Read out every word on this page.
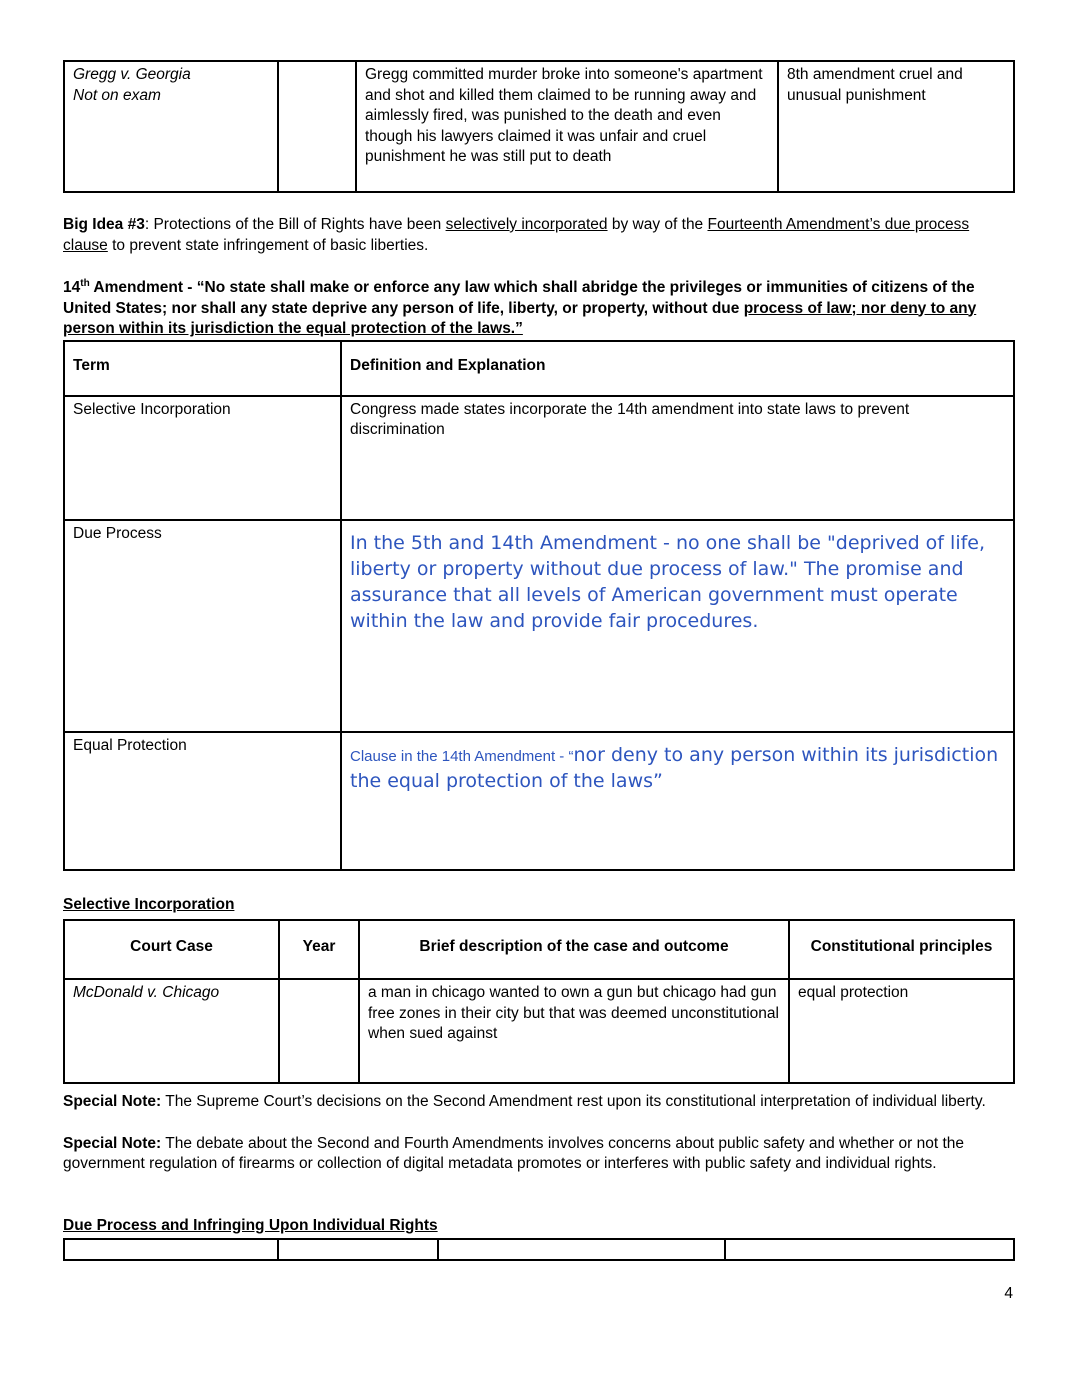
Gregg v. Georgia
Not on exam
		Gregg committed murder broke into someone's apartment and shot and killed them claimed to be running away and aimlessly fired, was punished to the death and even though his lawyers claimed it was unfair and cruel punishment he was still put to death	8th amendment cruel and unusual punishment

Big Idea #3: Protections of the Bill of Rights have been selectively incorporated by way of the Fourteenth Amendment’s due process clause to prevent state infringement of basic liberties.

14th Amendment - “No state shall make or enforce any law which shall abridge the privileges or immunities of citizens of the United States; nor shall any state deprive any person of life, liberty, or property, without due process of law; nor deny to any person within its jurisdiction the equal protection of the laws.”

Term	Definition and Explanation
Selective Incorporation	Congress made states incorporate the 14th amendment into state laws to prevent discrimination
Due Process	In the 5th and 14th Amendment - no one shall be "deprived of life, liberty or property without due process of law." The promise and assurance that all levels of American government must operate within the law and provide fair procedures.

Equal Protection	Clause in the 14th Amendment - “nor deny to any person within its jurisdiction the equal protection of the laws”

Selective Incorporation

Court Case	Year	Brief description of the case and outcome	Constitutional principles
McDonald v. Chicago		a man in chicago wanted to own a gun but chicago had gun free zones in their city but that was deemed unconstitutional when sued against	equal protection

Special Note: The Supreme Court’s decisions on the Second Amendment rest upon its constitutional interpretation of individual liberty.

Special Note: The debate about the Second and Fourth Amendments involves concerns about public safety and whether or not the government regulation of firearms or collection of digital metadata promotes or interferes with public safety and individual rights.

Due Process and Infringing Upon Individual Rights

4
